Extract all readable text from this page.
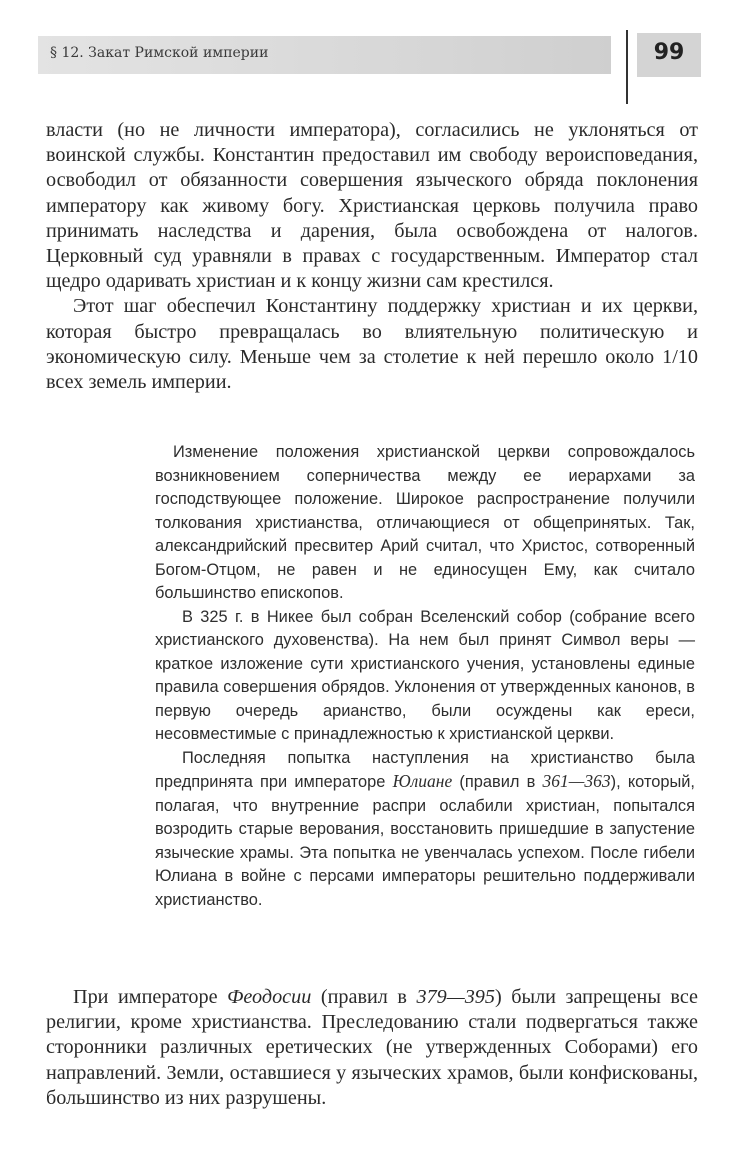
§ 12. Закат Римской империи	99

власти (но не личности императора), согласились не уклоняться от воинской службы. Константин предоставил им свободу вероисповедания, освободил от обязанности совершения языческого обряда поклонения императору как живому богу. Христианская церковь получила право принимать наследства и дарения, была освобождена от налогов. Церковный суд уравняли в правах с государственным. Император стал щедро одаривать христиан и к концу жизни сам крестился.

Этот шаг обеспечил Константину поддержку христиан и их церкви, которая быстро превращалась во влиятельную политическую и экономическую силу. Меньше чем за столетие к ней перешло около 1/10 всех земель империи.

Изменение положения христианской церкви сопровождалось возникновением соперничества между ее иерархами за господствующее положение. Широкое распространение получили толкования христианства, отличающиеся от общепринятых. Так, александрийский пресвитер Арий считал, что Христос, сотворенный Богом-Отцом, не равен и не единосущен Ему, как считало большинство епископов.

В 325 г. в Никее был собран Вселенский собор (собрание всего христианского духовенства). На нем был принят Символ веры — краткое изложение сути христианского учения, установлены единые правила совершения обрядов. Уклонения от утвержденных канонов, в первую очередь арианство, были осуждены как ереси, несовместимые с принадлежностью к христианской церкви.

Последняя попытка наступления на христианство была предпринята при императоре Юлиане (правил в 361—363), который, полагая, что внутренние распри ослабили христиан, попытался возродить старые верования, восстановить пришедшие в запустение языческие храмы. Эта попытка не увенчалась успехом. После гибели Юлиана в войне с персами императоры решительно поддерживали христианство.

При императоре Феодосии (правил в 379—395) были запрещены все религии, кроме христианства. Преследованию стали подвергаться также сторонники различных еретических (не утвержденных Соборами) его направлений. Земли, оставшиеся у языческих храмов, были конфискованы, большинство из них разрушены.
